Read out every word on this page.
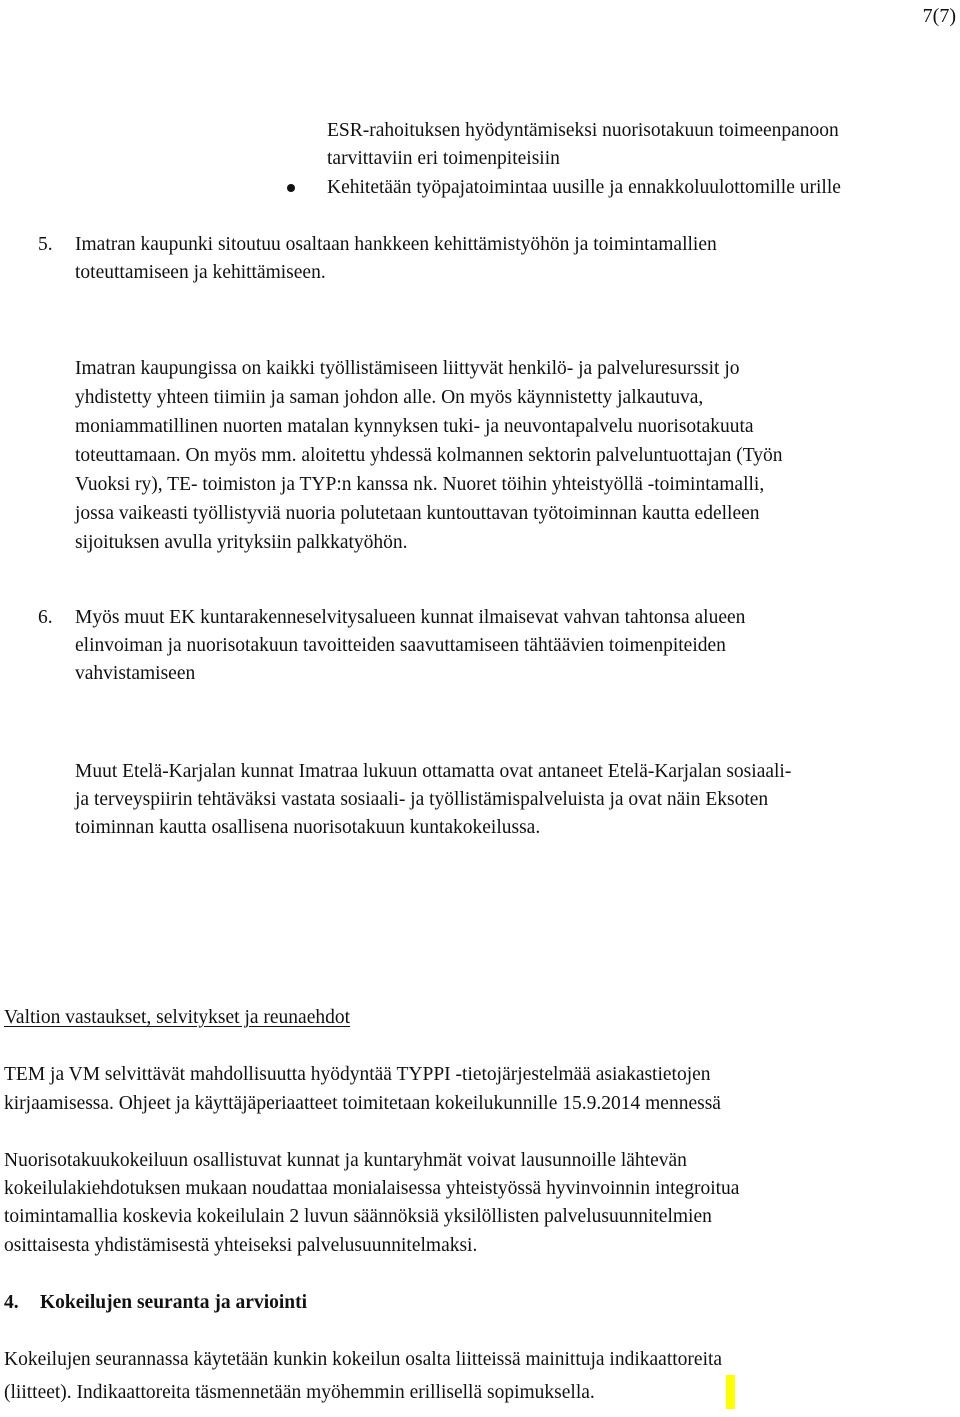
7(7)
ESR-rahoituksen hyödyntämiseksi nuorisotakuun toimeenpanoon
tarvittaviin eri toimenpiteisiin
Kehitetään työpajatoimintaa uusille ja ennakkoluulottomille urille
5. Imatran kaupunki sitoutuu osaltaan hankkeen kehittämistyöhön ja toimintamallien
toteuttamiseen ja kehittämiseen.
Imatran kaupungissa on kaikki työllistämiseen liittyvät henkilö- ja palveluresurssit jo
yhdistetty yhteen tiimiin ja saman johdon alle. On myös käynnistetty jalkautuva,
moniammatillinen nuorten matalan kynnyksen tuki- ja neuvontapalvelu nuorisotakuuta
toteuttamaan. On myös mm. aloitettu yhdessä kolmannen sektorin palveluntuottajan (Työn
Vuoksi ry), TE- toimiston ja TYP:n kanssa nk. Nuoret töihin yhteistyöllä -toimintamalli,
jossa vaikeasti työllistyviä nuoria polutetaan kuntouttavan työtoiminnan kautta edelleen
sijoituksen avulla yrityksiin palkkatyöhön.
6. Myös muut EK kuntarakenneselvitysalueen kunnat ilmaisevat vahvan tahtonsa alueen
elinvoiman ja nuorisotakuun tavoitteiden saavuttamiseen tähtäävien toimenpiteiden
vahvistamiseen
Muut Etelä-Karjalan kunnat Imatraa lukuun ottamatta ovat antaneet Etelä-Karjalan sosiaali-
ja terveyspiirin tehtäväksi vastata sosiaali- ja työllistämispalveluista ja ovat näin Eksoten
toiminnan kautta osallisena nuorisotakuun kuntakokeilussa.
Valtion vastaukset, selvitykset ja reunaehdot
TEM ja VM selvittävät mahdollisuutta hyödyntää TYPPI -tietojärjestelmää asiakastietojen
kirjaamisessa. Ohjeet ja käyttäjäperiaatteet toimitetaan kokeilukunnille 15.9.2014 mennessä
Nuorisotakuukokeiluun osallistuvat kunnat ja kuntaryhmät voivat lausunnoille lähtevän
kokeilulakiehdotuksen mukaan noudattaa monialaisessa yhteistyössä hyvinvoinnin integroitua
toimintamallia koskevia kokeilulain 2 luvun säännöksiä yksilöllisten palvelusuunnitelmien
osittaisesta yhdistämisestä yhteiseksi palvelusuunnitelmaksi.
4. Kokeilujen seuranta ja arviointi
Kokeilujen seurannassa käytetään kunkin kokeilun osalta liitteissä mainittuja indikaattoreita
(liitteet). Indikaattoreita täsmennetään myöhemmin erillisellä sopimuksella.
